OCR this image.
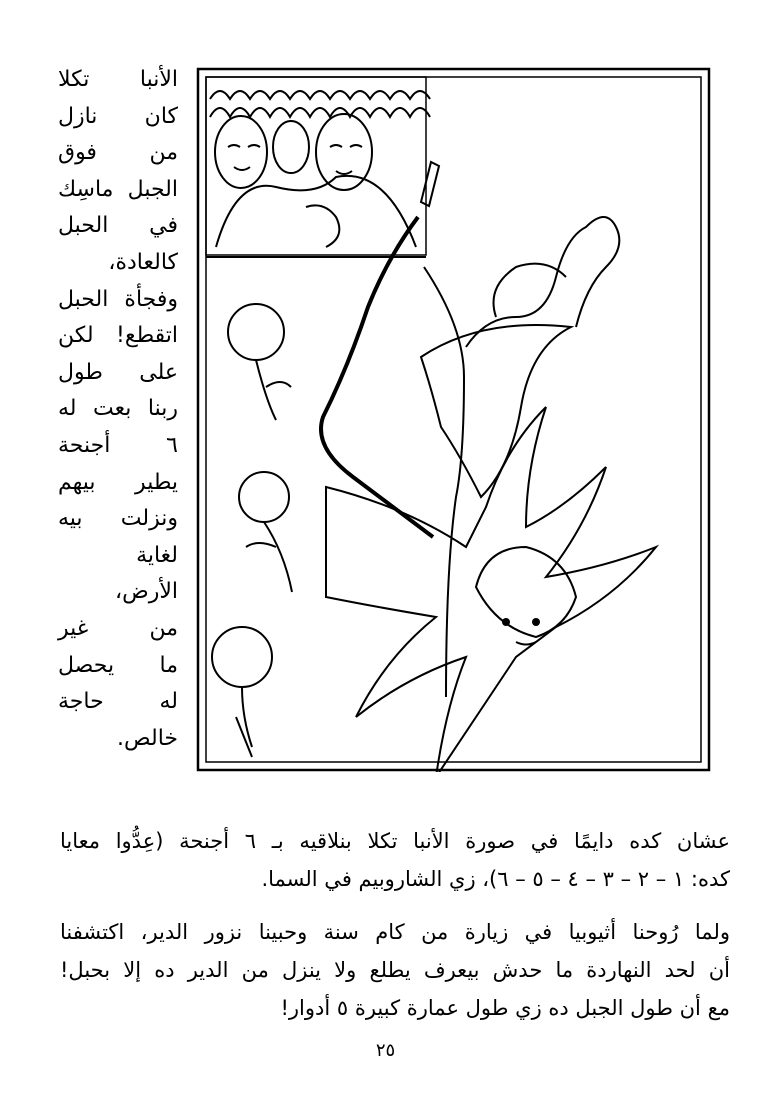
الأنبا تكلا
كان نازل
من فوق
الجبل ماسِك
في الحبل
كالعادة،
وفجأة الحبل
اتقطع! لكن
على طول
ربنا بعت له
٦ أجنحة
يطير بيهم
ونزلت بيه
لغاية
الأرض،
من غير
ما يحصل
له حاجة
خالص.
عشان كده دايمًا في صورة الأنبا تكلا بنلاقيه بـ ٦ أجنحة (عِدُّوا معايا
كده: ١ – ٢ – ٣ – ٤ – ٥ – ٦)، زي الشاروبيم في السما.
ولما رُوحنا أثيوبيا في زيارة من كام سنة وحبينا نزور الدير، اكتشفنا
أن لحد النهاردة ما حدش بيعرف يطلع ولا ينزل من الدير ده إلا بحبل!
مع أن طول الجبل ده زي طول عمارة كبيرة ٥ أدوار!
٢٥
